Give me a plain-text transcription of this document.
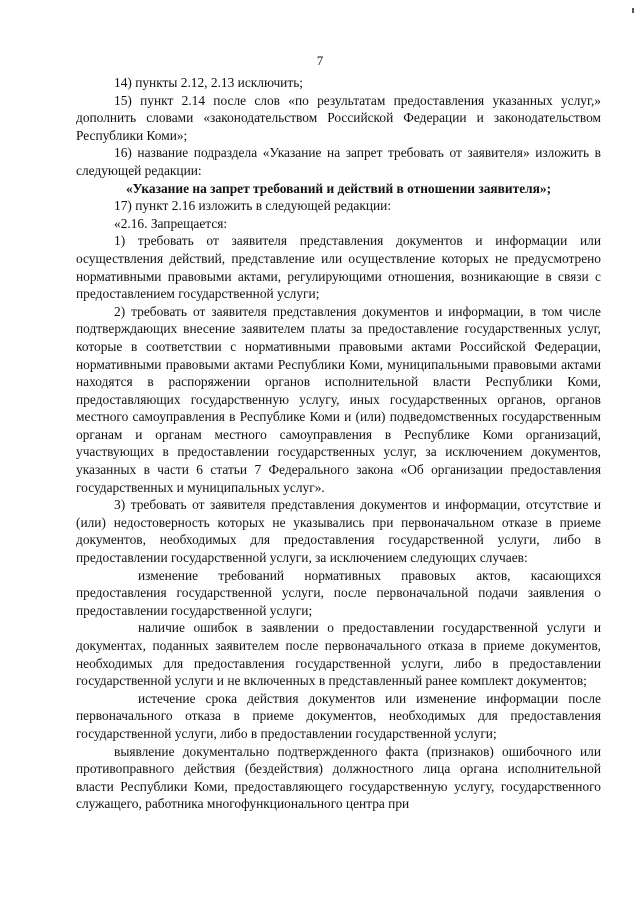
7

14) пункты 2.12, 2.13 исключить;

15) пункт 2.14 после слов «по результатам предоставления указанных услуг,» дополнить словами «законодательством Российской Федерации и законодательством Республики Коми»;

16) название подраздела «Указание на запрет требовать от заявителя» изложить в следующей редакции:

«Указание на запрет требований и действий в отношении заявителя»;

17) пункт 2.16 изложить в следующей редакции:

«2.16. Запрещается:

1) требовать от заявителя представления документов и информации или осуществления действий, представление или осуществление которых не предусмотрено нормативными правовыми актами, регулирующими отношения, возникающие в связи с предоставлением государственной услуги;

2) требовать от заявителя представления документов и информации, в том числе подтверждающих внесение заявителем платы за предоставление государственных услуг, которые в соответствии с нормативными правовыми актами Российской Федерации, нормативными правовыми актами Республики Коми, муниципальными правовыми актами находятся в распоряжении органов исполнительной власти Республики Коми, предоставляющих государственную услугу, иных государственных органов, органов местного самоуправления в Республике Коми и (или) подведомственных государственным органам и органам местного самоуправления в Республике Коми организаций, участвующих в предоставлении государственных услуг, за исключением документов, указанных в части 6 статьи 7 Федерального закона «Об организации предоставления государственных и муниципальных услуг».

3) требовать от заявителя представления документов и информации, отсутствие и (или) недостоверность которых не указывались при первоначальном отказе в приеме документов, необходимых для предоставления государственной услуги, либо в предоставлении государственной услуги, за исключением следующих случаев:

изменение требований нормативных правовых актов, касающихся предоставления государственной услуги, после первоначальной подачи заявления о предоставлении государственной услуги;

наличие ошибок в заявлении о предоставлении государственной услуги и документах, поданных заявителем после первоначального отказа в приеме документов, необходимых для предоставления государственной услуги, либо в предоставлении государственной услуги и не включенных в представленный ранее комплект документов;

истечение срока действия документов или изменение информации после первоначального отказа в приеме документов, необходимых для предоставления государственной услуги, либо в предоставлении государственной услуги;

выявление документально подтвержденного факта (признаков) ошибочного или противоправного действия (бездействия) должностного лица органа исполнительной власти Республики Коми, предоставляющего государственную услугу, государственного служащего, работника многофункционального центра при
